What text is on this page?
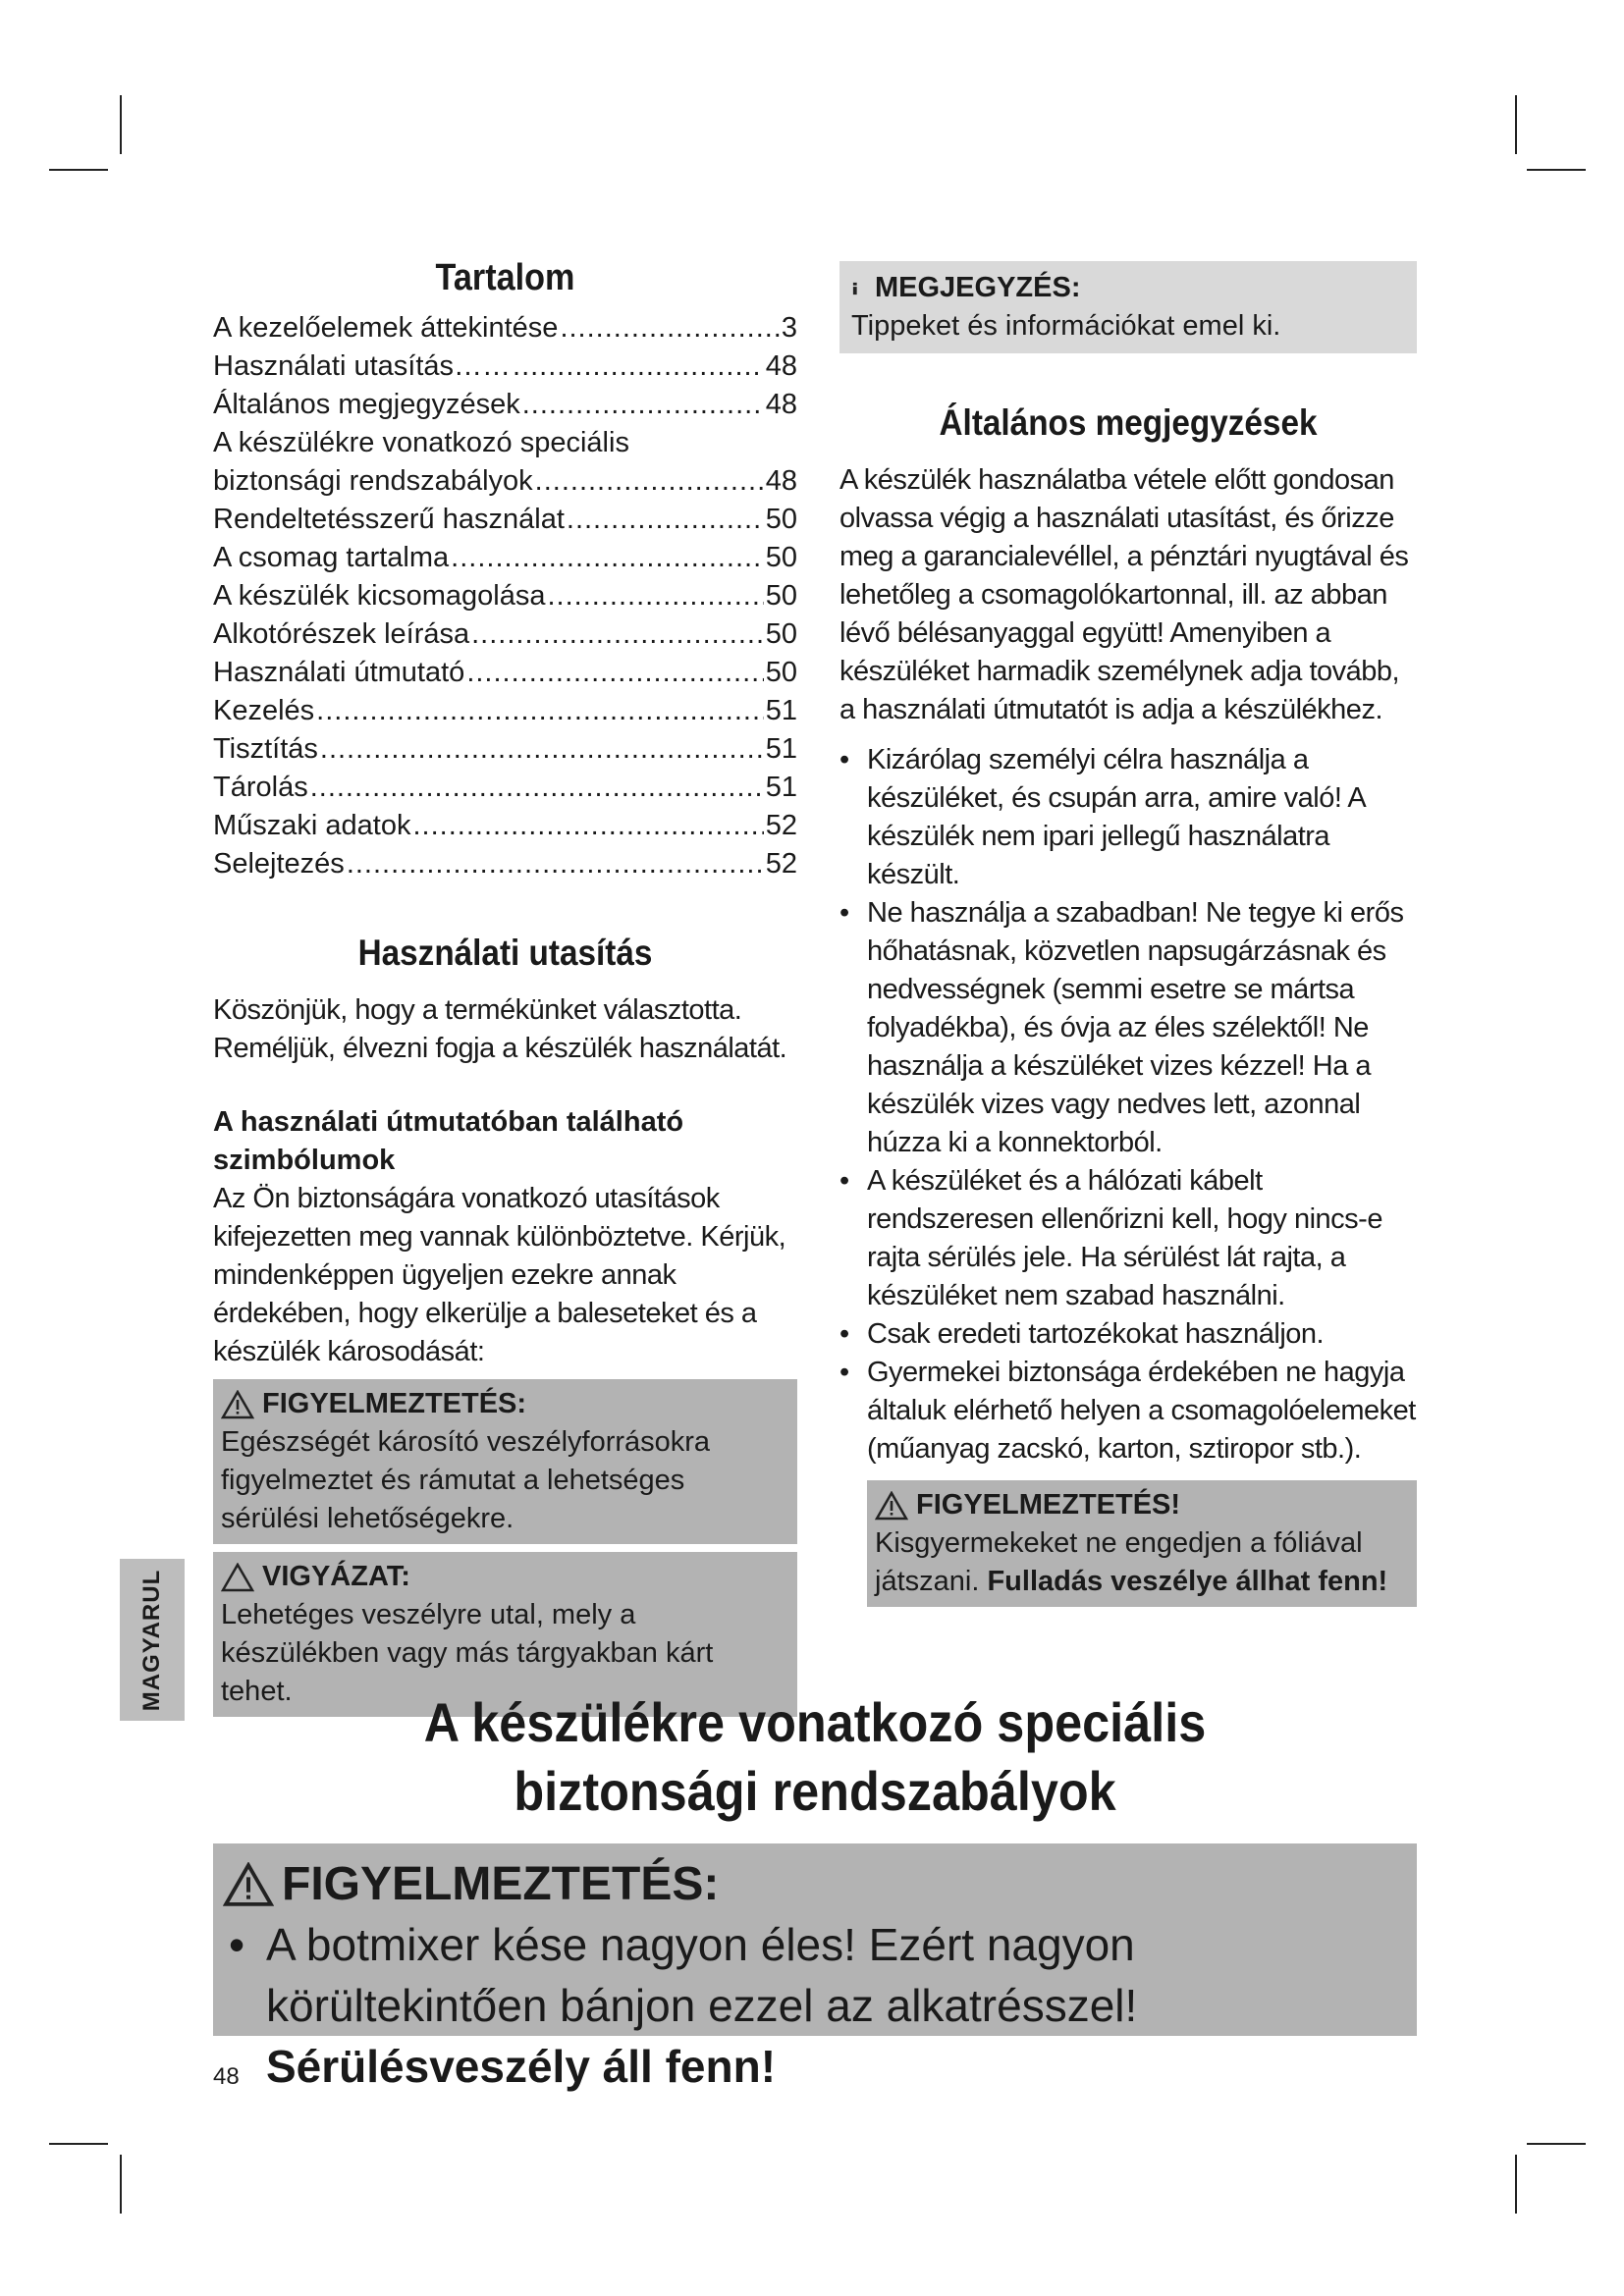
Tartalom
A kezelőelemek áttekintése .....	3
Használati utasítás…… .....	48
Általános megjegyzések .....	48
A készülékre vonatkozó speciális
biztonsági rendszabályok .....	48
Rendeltetésszerű használat .....	50
A csomag tartalma .....	50
A készülék kicsomagolása .....	50
Alkotórészek leírása .....	50
Használati útmutató .....	50
Kezelés .....	51
Tisztítás .....	51
Tárolás .....	51
Műszaki adatok .....	52
Selejtezés .....	52
Használati utasítás

Köszönjük, hogy a termékünket választotta. Reméljük, élvezni fogja a készülék használatát.

A használati útmutatóban található szimbólumok

Az Ön biztonságára vonatkozó utasítások kifejezetten meg vannak különböztetve. Kérjük, mindenképpen ügyeljen ezekre annak érdekében, hogy elkerülje a baleseteket és a készülék károsodását:

FIGYELMEZTETÉS:
Egészségét károsító veszélyforrásokra figyelmeztet és rámutat a lehetséges sérülési lehetőségekre.
VIGYÁZAT:
Lehetéges veszélyre utal, mely a készülékben vagy más tárgyakban kárt tehet.
MEGJEGYZÉS:
Tippeket és információkat emel ki.
Általános megjegyzések

A készülék használatba vétele előtt gondosan olvassa végig a használati utasítást, és őrizze meg a garancialevéllel, a pénztári nyugtával és lehetőleg a csomagolókartonnal, ill. az abban lévő bélésanyaggal együtt! Amenyiben a készüléket harmadik személynek adja tovább, a használati útmutatót is adja a készülékhez.

• Kizárólag személyi célra használja a készüléket, és csupán arra, amire való! A készülék nem ipari jellegű használatra készült.
• Ne használja a szabadban! Ne tegye ki erős hőhatásnak, közvetlen napsugárzásnak és nedvességnek (semmi esetre se mártsa folyadékba), és óvja az éles szélektől! Ne használja a készüléket vizes kézzel! Ha a készülék vizes vagy nedves lett, azonnal húzza ki a konnektorból.
• A készüléket és a hálózati kábelt rendszeresen ellenőrizni kell, hogy nincs-e rajta sérülés jele. Ha sérülést lát rajta, a készüléket nem szabad használni.
• Csak eredeti tartozékokat használjon.
• Gyermekei biztonsága érdekében ne hagyja általuk elérhető helyen a csomagolóelemeket (műanyag zacskó, karton, sztiropor stb.).
FIGYELMEZTETÉS!
Kisgyermekeket ne engedjen a fóliával játszani. Fulladás veszélye állhat fenn!
MAGYARUL
A készülékre vonatkozó speciális
biztonsági rendszabályok
FIGYELMEZTETÉS:
• A botmixer kése nagyon éles! Ezért nagyon körültekintően bánjon ezzel az alkatrésszel! Sérülésveszély áll fenn!
48
